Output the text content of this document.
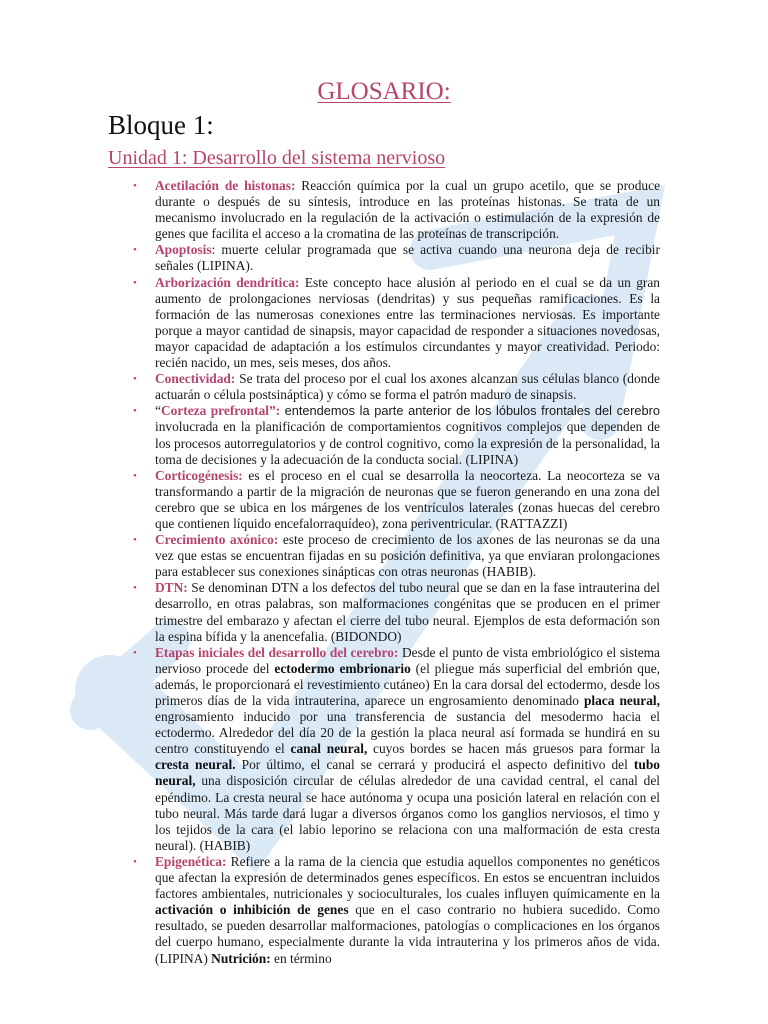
GLOSARIO:
Bloque 1:
Unidad 1: Desarrollo del sistema nervioso
• Acetilación de histonas: Reacción química por la cual un grupo acetilo, que se produce durante o después de su síntesis, introduce en las proteínas histonas. Se trata de un mecanismo involucrado en la regulación de la activación o estimulación de la expresión de genes que facilita el acceso a la cromatina de las proteínas de transcripción.
• Apoptosis: muerte celular programada que se activa cuando una neurona deja de recibir señales (LIPINA).
• Arborización dendrítica: Este concepto hace alusión al periodo en el cual se da un gran aumento de prolongaciones nerviosas (dendritas) y sus pequeñas ramificaciones. Es la formación de las numerosas conexiones entre las terminaciones nerviosas. Es importante porque a mayor cantidad de sinapsis, mayor capacidad de responder a situaciones novedosas, mayor capacidad de adaptación a los estímulos circundantes y mayor creatividad. Periodo: recién nacido, un mes, seis meses, dos años.
• Conectividad: Se trata del proceso por el cual los axones alcanzan sus células blanco (donde actuarán o célula postsináptica) y cómo se forma el patrón maduro de sinapsis.
• “Corteza prefrontal”: entendemos la parte anterior de los lóbulos frontales del cerebro involucrada en la planificación de comportamientos cognitivos complejos que dependen de los procesos autorregulatorios y de control cognitivo, como la expresión de la personalidad, la toma de decisiones y la adecuación de la conducta social. (LIPINA)
• Corticogénesis: es el proceso en el cual se desarrolla la neocorteza. La neocorteza se va transformando a partir de la migración de neuronas que se fueron generando en una zona del cerebro que se ubica en los márgenes de los ventrículos laterales (zonas huecas del cerebro que contienen líquido encefalorraquídeo), zona periventricular. (RATTAZZI)
• Crecimiento axónico: este proceso de crecimiento de los axones de las neuronas se da una vez que estas se encuentran fijadas en su posición definitiva, ya que enviaran prolongaciones para establecer sus conexiones sinápticas con otras neuronas (HABIB).
• DTN: Se denominan DTN a los defectos del tubo neural que se dan en la fase intrauterina del desarrollo, en otras palabras, son malformaciones congénitas que se producen en el primer trimestre del embarazo y afectan el cierre del tubo neural. Ejemplos de esta deformación son la espina bífida y la anencefalia. (BIDONDO)
• Etapas iniciales del desarrollo del cerebro: Desde el punto de vista embriológico el sistema nervioso procede del ectodermo embrionario (el pliegue más superficial del embrión que, además, le proporcionará el revestimiento cutáneo) En la cara dorsal del ectodermo, desde los primeros días de la vida intrauterina, aparece un engrosamiento denominado placa neural, engrosamiento inducido por una transferencia de sustancia del mesodermo hacia el ectodermo. Alrededor del día 20 de la gestión la placa neural así formada se hundirá en su centro constituyendo el canal neural, cuyos bordes se hacen más gruesos para formar la cresta neural. Por último, el canal se cerrará y producirá el aspecto definitivo del tubo neural, una disposición circular de células alrededor de una cavidad central, el canal del epéndimo. La cresta neural se hace autónoma y ocupa una posición lateral en relación con el tubo neural. Más tarde dará lugar a diversos órganos como los ganglios nerviosos, el timo y los tejidos de la cara (el labio leporino se relaciona con una malformación de esta cresta neural). (HABIB)
• Epigenética: Refiere a la rama de la ciencia que estudia aquellos componentes no genéticos que afectan la expresión de determinados genes específicos. En estos se encuentran incluidos factores ambientales, nutricionales y socioculturales, los cuales influyen químicamente en la activación o inhibición de genes que en el caso contrario no hubiera sucedido. Como resultado, se pueden desarrollar malformaciones, patologías o complicaciones en los órganos del cuerpo humano, especialmente durante la vida intrauterina y los primeros años de vida. (LIPINA) Nutrición: en término
